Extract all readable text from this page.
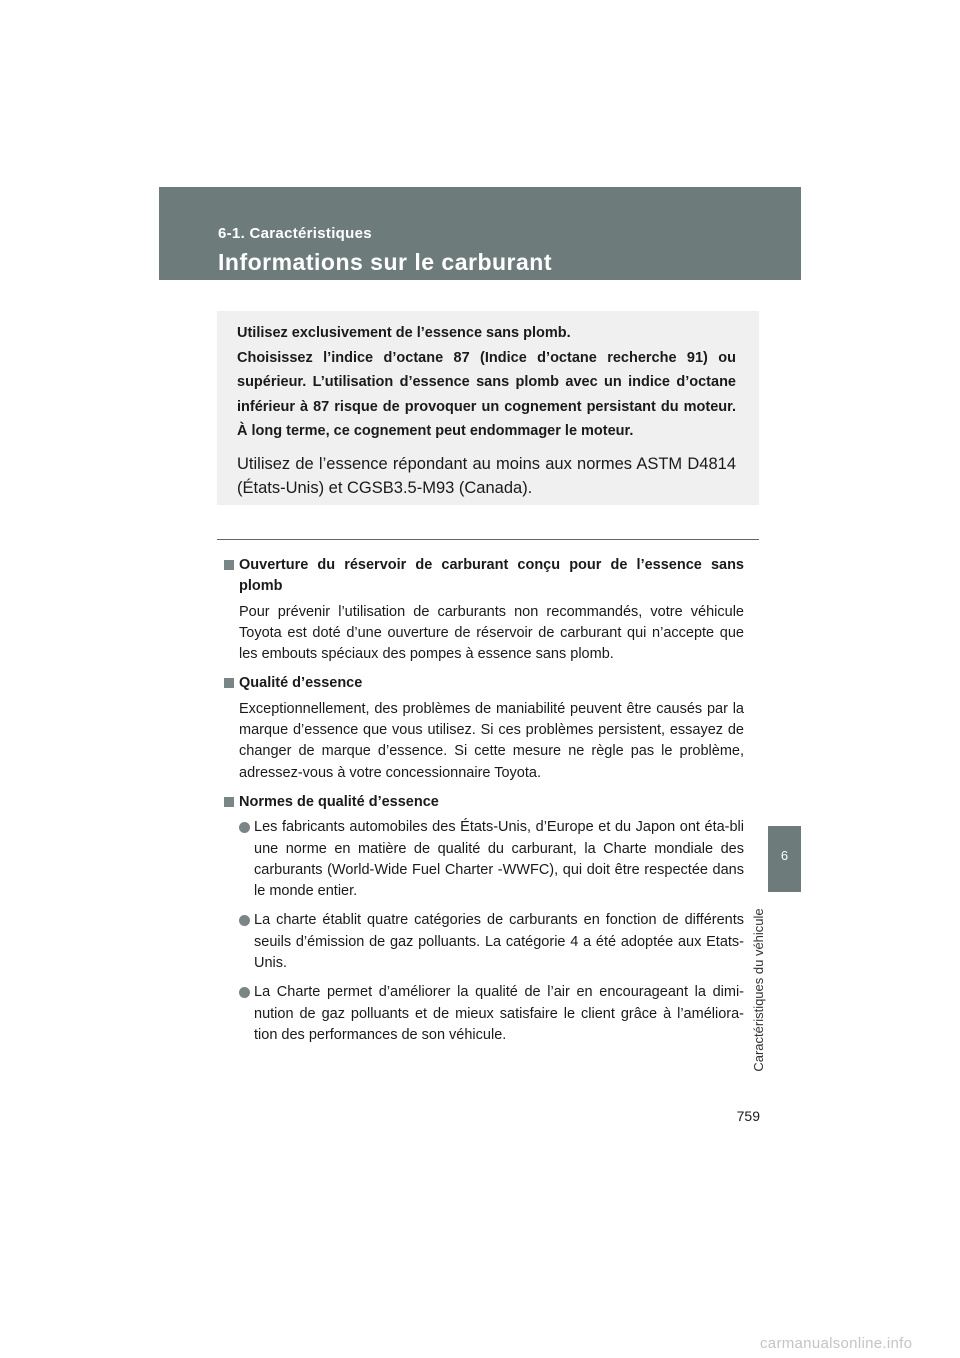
6-1. Caractéristiques
Informations sur le carburant
6
Caractéristiques du véhicule

Utilisez exclusivement de l’essence sans plomb.

Choisissez l’indice d’octane 87 (Indice d’octane recherche 91) ou supérieur. L’utilisation d’essence sans plomb avec un indice d’octane inférieur à 87 risque de provoquer un cognement persistant du moteur. À long terme, ce cognement peut endommager le moteur.

Utilisez de l’essence répondant au moins aux normes ASTM D4814 (États-Unis) et CGSB3.5-M93 (Canada).

Ouverture du réservoir de carburant conçu pour de l’essence sans plomb

Pour prévenir l’utilisation de carburants non recommandés, votre véhicule Toyota est doté d’une ouverture de réservoir de carburant qui n’accepte que les embouts spéciaux des pompes à essence sans plomb.

Qualité d’essence

Exceptionnellement, des problèmes de maniabilité peuvent être causés par la marque d’essence que vous utilisez. Si ces problèmes persistent, essayez de changer de marque d’essence. Si cette mesure ne règle pas le problème, adressez-vous à votre concessionnaire Toyota.

Normes de qualité d’essence
Les fabricants automobiles des États-Unis, d’Europe et du Japon ont éta-bli une norme en matière de qualité du carburant, la Charte mondiale des carburants (World-Wide Fuel Charter -WWFC), qui doit être respectée dans le monde entier.
La charte établit quatre catégories de carburants en fonction de différents seuils d’émission de gaz polluants. La catégorie 4 a été adoptée aux Etats-Unis.
La Charte permet d’améliorer la qualité de l’air en encourageant la dimi-nution de gaz polluants et de mieux satisfaire le client grâce à l’améliora-tion des performances de son véhicule.
759
carmanualsonline.info
